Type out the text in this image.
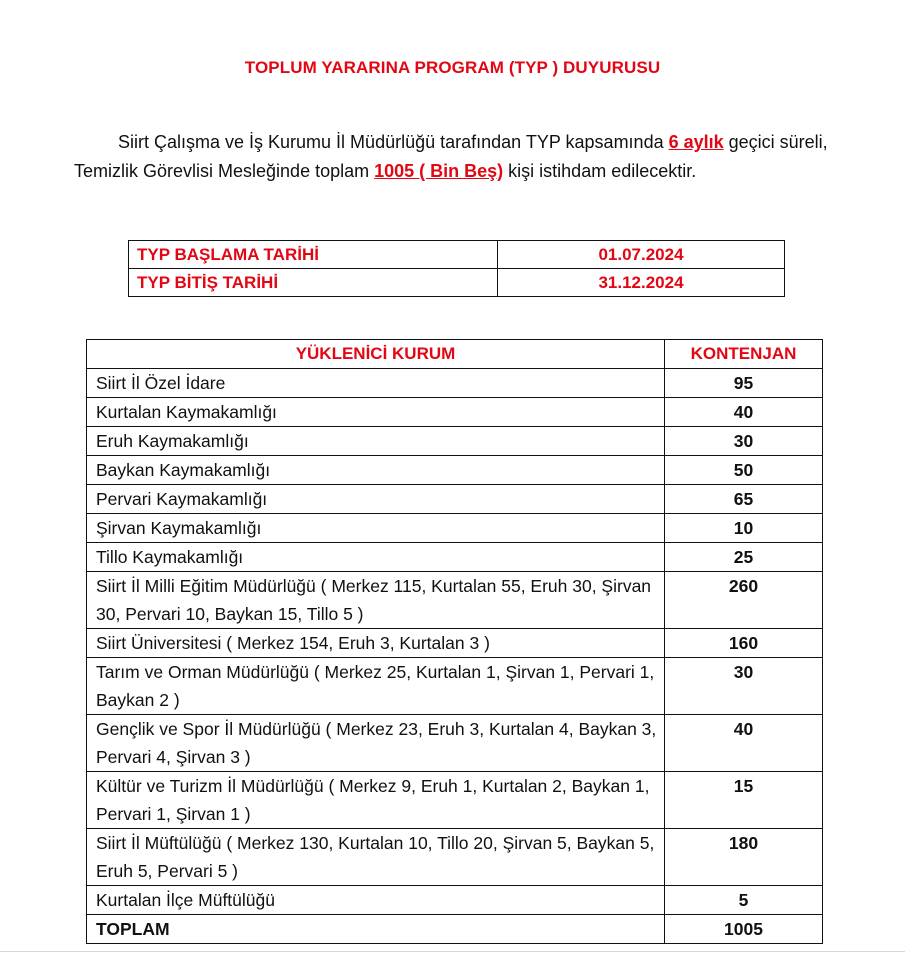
TOPLUM YARARINA PROGRAM (TYP ) DUYURUSU
Siirt Çalışma ve İş Kurumu İl Müdürlüğü tarafından TYP kapsamında 6 aylık geçici süreli, Temizlik Görevlisi Mesleğinde toplam 1005 ( Bin Beş) kişi istihdam edilecektir.
TYP BAŞLAMA TARİHİ	01.07.2024
TYP BİTİŞ TARİHİ	31.12.2024
YÜKLENİCİ KURUM	KONTENJAN
Siirt İl Özel İdare	95
Kurtalan Kaymakamlığı	40
Eruh Kaymakamlığı	30
Baykan Kaymakamlığı	50
Pervari Kaymakamlığı	65
Şirvan Kaymakamlığı	10
Tillo Kaymakamlığı	25
Siirt İl Milli Eğitim Müdürlüğü ( Merkez 115, Kurtalan 55, Eruh 30, Şirvan 30, Pervari 10, Baykan 15, Tillo 5 )	260
Siirt Üniversitesi ( Merkez 154, Eruh 3, Kurtalan 3 )	160
Tarım ve Orman Müdürlüğü ( Merkez 25, Kurtalan 1, Şirvan 1, Pervari 1, Baykan 2 )	30
Gençlik ve Spor İl Müdürlüğü ( Merkez 23, Eruh 3, Kurtalan 4, Baykan 3, Pervari 4, Şirvan 3 )	40
Kültür ve Turizm İl Müdürlüğü ( Merkez 9, Eruh 1, Kurtalan 2, Baykan 1, Pervari 1, Şirvan 1 )	15
Siirt İl Müftülüğü ( Merkez 130, Kurtalan 10, Tillo 20, Şirvan 5, Baykan 5, Eruh 5, Pervari 5 )	180
Kurtalan İlçe Müftülüğü	5
TOPLAM	1005
